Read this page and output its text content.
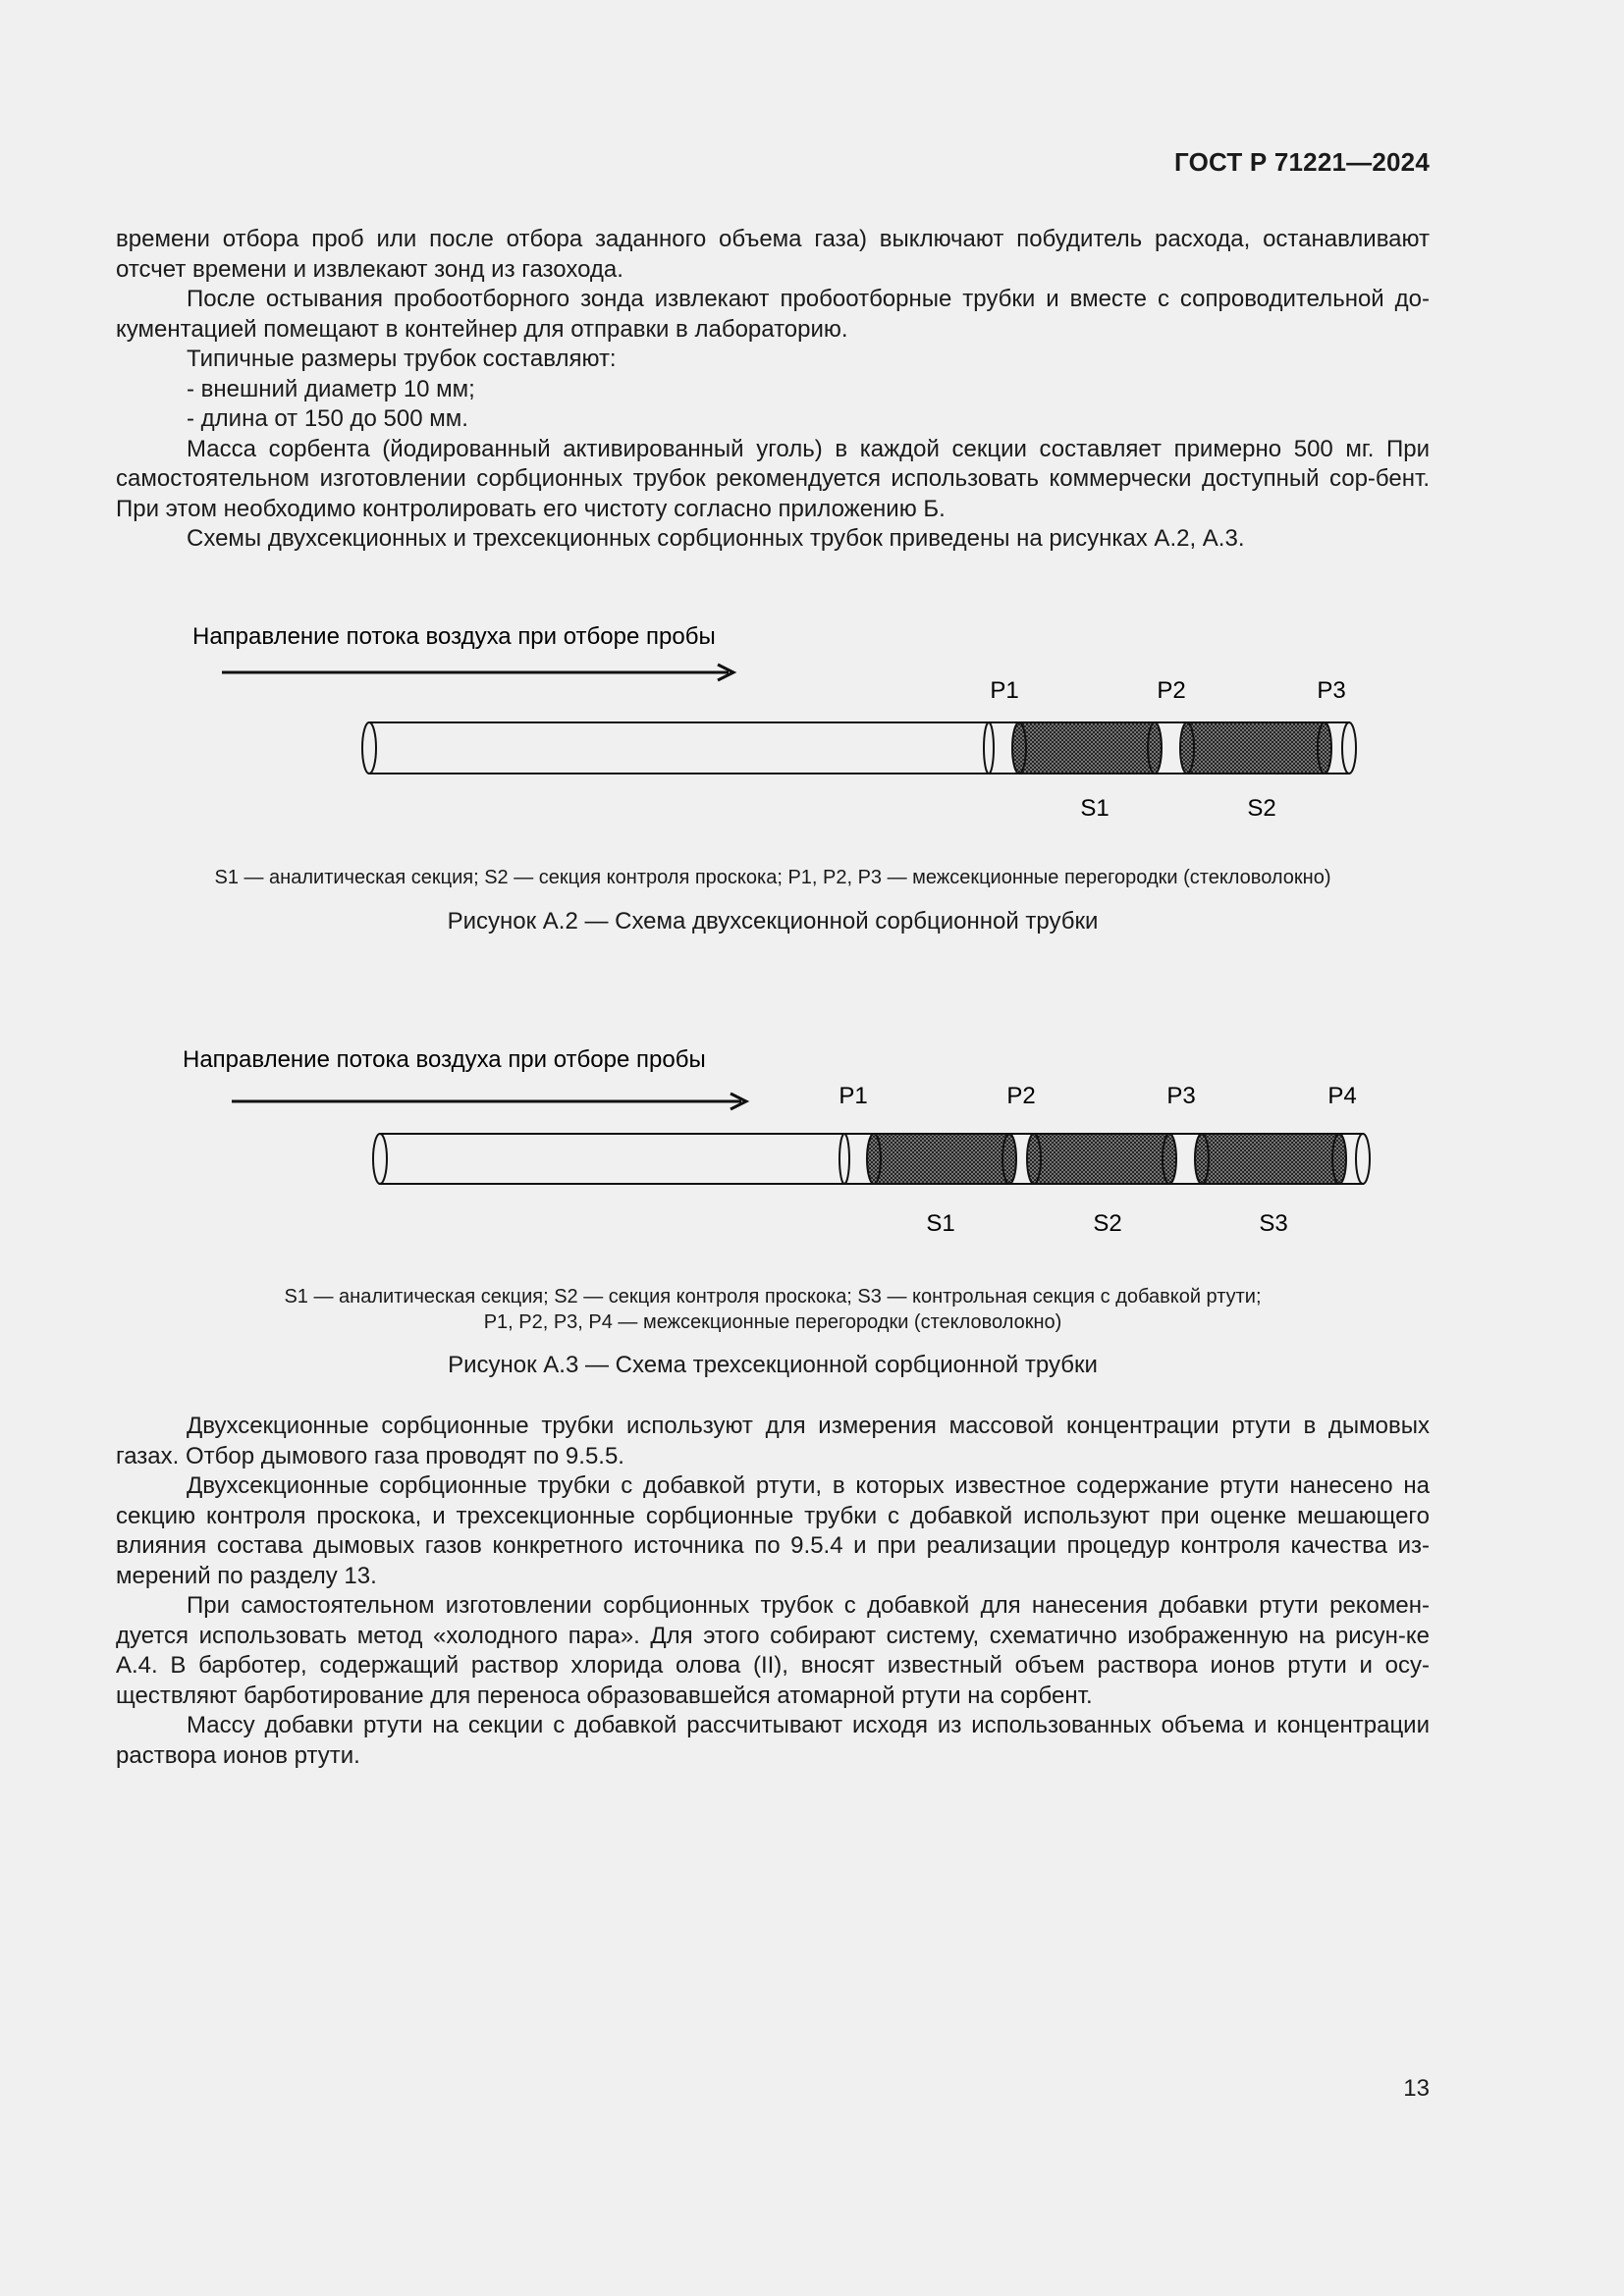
ГОСТ Р 71221—2024

времени отбора проб или после отбора заданного объема газа) выключают побудитель расхода, останавливают отсчет времени и извлекают зонд из газохода.

После остывания пробоотборного зонда извлекают пробоотборные трубки и вместе с сопроводительной до-кументацией помещают в контейнер для отправки в лабораторию.

Типичные размеры трубок составляют:

- внешний диаметр 10 мм;

- длина от 150 до 500 мм.

Масса сорбента (йодированный активированный уголь) в каждой секции составляет примерно 500 мг. При самостоятельном изготовлении сорбционных трубок рекомендуется использовать коммерчески доступный сор-бент. При этом необходимо контролировать его чистоту согласно приложению Б.

Схемы двухсекционных и трехсекционных сорбционных трубок приведены на рисунках А.2, А.3.

Направление потока воздуха при отборе пробы
P1	P2	P3
S1	S2
Направление потока воздуха при отборе пробы
P1	P2	P3	P4
S1	S2	S3
S1 — аналитическая секция; S2 — секция контроля проскока; P1, P2, P3 — межсекционные перегородки (стекловолокно)
Рисунок А.2 — Схема двухсекционной сорбционной трубки
S1 — аналитическая секция; S2 — секция контроля проскока; S3 — контрольная секция с добавкой ртути;
P1, P2, P3, P4 — межсекционные перегородки (стекловолокно)
Рисунок А.3 — Схема трехсекционной сорбционной трубки

Двухсекционные сорбционные трубки используют для измерения массовой концентрации ртути в дымовых газах. Отбор дымового газа проводят по 9.5.5.

Двухсекционные сорбционные трубки с добавкой ртути, в которых известное содержание ртути нанесено на секцию контроля проскока, и трехсекционные сорбционные трубки с добавкой используют при оценке мешающего влияния состава дымовых газов конкретного источника по 9.5.4 и при реализации процедур контроля качества из-мерений по разделу 13.

При самостоятельном изготовлении сорбционных трубок с добавкой для нанесения добавки ртути рекомен-дуется использовать метод «холодного пара». Для этого собирают систему, схематично изображенную на рисун-ке А.4. В барботер, содержащий раствор хлорида олова (II), вносят известный объем раствора ионов ртути и осу-ществляют барботирование для переноса образовавшейся атомарной ртути на сорбент.

Массу добавки ртути на секции с добавкой рассчитывают исходя из использованных объема и концентрации раствора ионов ртути.

13
